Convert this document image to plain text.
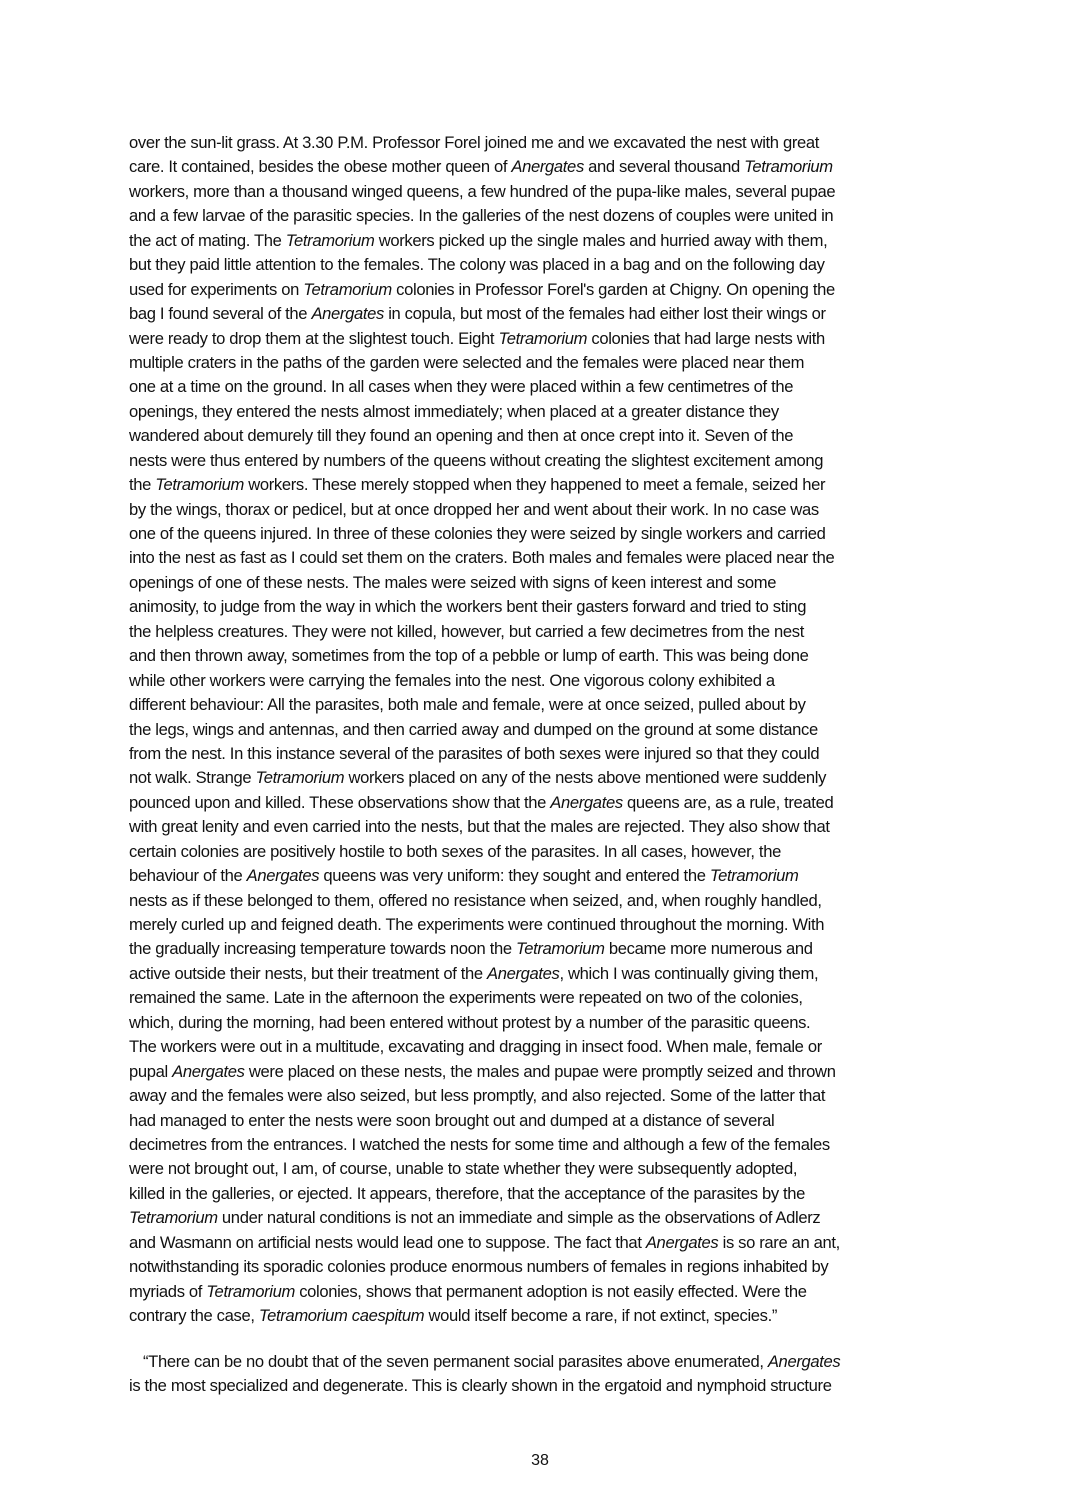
over the sun-lit grass. At 3.30 P.M. Professor Forel joined me and we excavated the nest with great
care. It contained, besides the obese mother queen of Anergates and several thousand Tetramorium
workers, more than a thousand winged queens, a few hundred of the pupa-like males, several pupae
and a few larvae of the parasitic species. In the galleries of the nest dozens of couples were united in
the act of mating. The Tetramorium workers picked up the single males and hurried away with them,
but they paid little attention to the females. The colony was placed in a bag and on the following day
used for experiments on Tetramorium colonies in Professor Forel's garden at Chigny. On opening the
bag I found several of the Anergates in copula, but most of the females had either lost their wings or
were ready to drop them at the slightest touch. Eight Tetramorium colonies that had large nests with
multiple craters in the paths of the garden were selected and the females were placed near them
one at a time on the ground. In all cases when they were placed within a few centimetres of the
openings, they entered the nests almost immediately; when placed at a greater distance they
wandered about demurely till they found an opening and then at once crept into it. Seven of the
nests were thus entered by numbers of the queens without creating the slightest excitement among
the Tetramorium workers. These merely stopped when they happened to meet a female, seized her
by the wings, thorax or pedicel, but at once dropped her and went about their work. In no case was
one of the queens injured. In three of these colonies they were seized by single workers and carried
into the nest as fast as I could set them on the craters. Both males and females were placed near the
openings of one of these nests. The males were seized with signs of keen interest and some
animosity, to judge from the way in which the workers bent their gasters forward and tried to sting
the helpless creatures. They were not killed, however, but carried a few decimetres from the nest
and then thrown away, sometimes from the top of a pebble or lump of earth. This was being done
while other workers were carrying the females into the nest. One vigorous colony exhibited a
different behaviour: All the parasites, both male and female, were at once seized, pulled about by
the legs, wings and antennas, and then carried away and dumped on the ground at some distance
from the nest. In this instance several of the parasites of both sexes were injured so that they could
not walk. Strange Tetramorium workers placed on any of the nests above mentioned were suddenly
pounced upon and killed. These observations show that the Anergates queens are, as a rule, treated
with great lenity and even carried into the nests, but that the males are rejected. They also show that
certain colonies are positively hostile to both sexes of the parasites. In all cases, however, the
behaviour of the Anergates queens was very uniform: they sought and entered the Tetramorium
nests as if these belonged to them, offered no resistance when seized, and, when roughly handled,
merely curled up and feigned death. The experiments were continued throughout the morning. With
the gradually increasing temperature towards noon the Tetramorium became more numerous and
active outside their nests, but their treatment of the Anergates, which I was continually giving them,
remained the same. Late in the afternoon the experiments were repeated on two of the colonies,
which, during the morning, had been entered without protest by a number of the parasitic queens.
The workers were out in a multitude, excavating and dragging in insect food. When male, female or
pupal Anergates were placed on these nests, the males and pupae were promptly seized and thrown
away and the females were also seized, but less promptly, and also rejected. Some of the latter that
had managed to enter the nests were soon brought out and dumped at a distance of several
decimetres from the entrances. I watched the nests for some time and although a few of the females
were not brought out, I am, of course, unable to state whether they were subsequently adopted,
killed in the galleries, or ejected. It appears, therefore, that the acceptance of the parasites by the
Tetramorium under natural conditions is not an immediate and simple as the observations of Adlerz
and Wasmann on artificial nests would lead one to suppose. The fact that Anergates is so rare an ant,
notwithstanding its sporadic colonies produce enormous numbers of females in regions inhabited by
myriads of Tetramorium colonies, shows that permanent adoption is not easily effected. Were the
contrary the case, Tetramorium caespitum would itself become a rare, if not extinct, species.”
“There can be no doubt that of the seven permanent social parasites above enumerated, Anergates
is the most specialized and degenerate. This is clearly shown in the ergatoid and nymphoid structure
38
